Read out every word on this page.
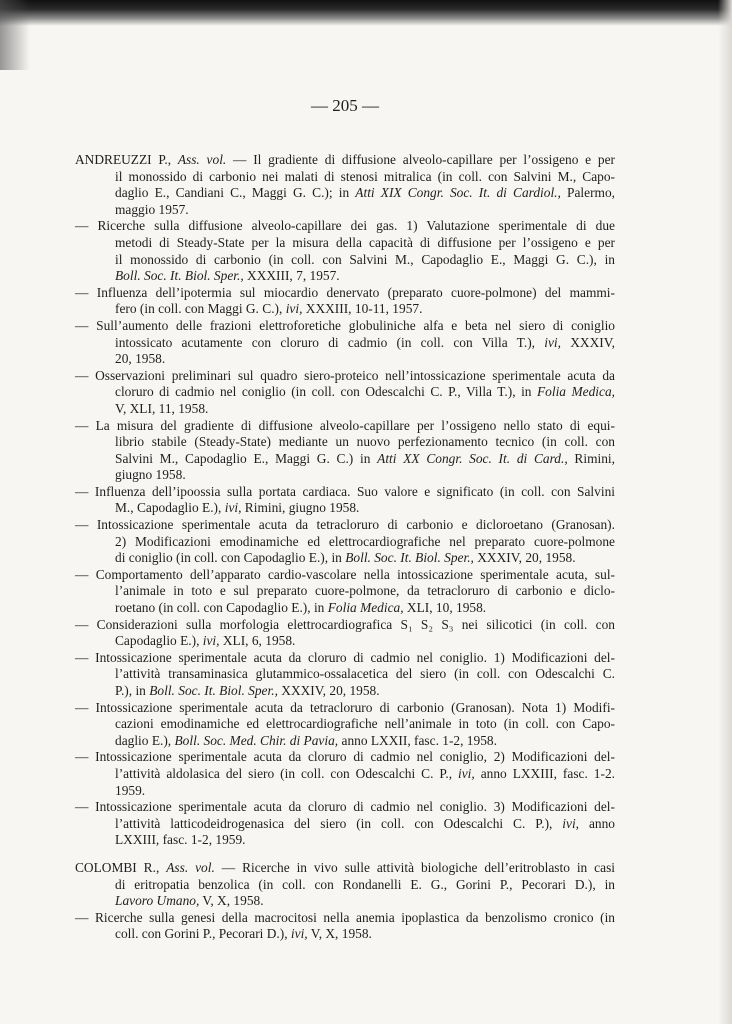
— 205 —
ANDREUZZI P., Ass. vol. — Il gradiente di diffusione alveolo-capillare per l’ossigeno e per
il monossido di carbonio nei malati di stenosi mitralica (in coll. con Salvini M., Capo-
daglio E., Candiani C., Maggi G. C.); in Atti XIX Congr. Soc. It. di Cardiol., Palermo,
maggio 1957.
— Ricerche sulla diffusione alveolo-capillare dei gas. 1) Valutazione sperimentale di due
metodi di Steady-State per la misura della capacità di diffusione per l’ossigeno e per
il monossido di carbonio (in coll. con Salvini M., Capodaglio E., Maggi G. C.), in
Boll. Soc. It. Biol. Sper., XXXIII, 7, 1957.
— Influenza dell’ipotermia sul miocardio denervato (preparato cuore-polmone) del mammi-
fero (in coll. con Maggi G. C.), ivi, XXXIII, 10-11, 1957.
— Sull’aumento delle frazioni elettroforetiche globuliniche alfa e beta nel siero di coniglio
intossicato acutamente con cloruro di cadmio (in coll. con Villa T.), ivi, XXXIV,
20, 1958.
— Osservazioni preliminari sul quadro siero-proteico nell’intossicazione sperimentale acuta da
cloruro di cadmio nel coniglio (in coll. con Odescalchi C. P., Villa T.), in Folia Medica,
V, XLI, 11, 1958.
— La misura del gradiente di diffusione alveolo-capillare per l’ossigeno nello stato di equi-
librio stabile (Steady-State) mediante un nuovo perfezionamento tecnico (in coll. con
Salvini M., Capodaglio E., Maggi G. C.) in Atti XX Congr. Soc. It. di Card., Rimini,
giugno 1958.
— Influenza dell’ipoossia sulla portata cardiaca. Suo valore e significato (in coll. con Salvini
M., Capodaglio E.), ivi, Rimini, giugno 1958.
— Intossicazione sperimentale acuta da tetracloruro di carbonio e dicloroetano (Granosan).
2) Modificazioni emodinamiche ed elettrocardiografiche nel preparato cuore-polmone
di coniglio (in coll. con Capodaglio E.), in Boll. Soc. It. Biol. Sper., XXXIV, 20, 1958.
— Comportamento dell’apparato cardio-vascolare nella intossicazione sperimentale acuta, sul-
l’animale in toto e sul preparato cuore-polmone, da tetracloruro di carbonio e diclo-
roetano (in coll. con Capodaglio E.), in Folia Medica, XLI, 10, 1958.
— Considerazioni sulla morfologia elettrocardiografica S₁ S₂ S₃ nei silicotici (in coll. con
Capodaglio E.), ivi, XLI, 6, 1958.
— Intossicazione sperimentale acuta da cloruro di cadmio nel coniglio. 1) Modificazioni del-
l’attività transaminasica glutammico-ossalacetica del siero (in coll. con Odescalchi C.
P.), in Boll. Soc. It. Biol. Sper., XXXIV, 20, 1958.
— Intossicazione sperimentale acuta da tetracloruro di carbonio (Granosan). Nota 1) Modifi-
cazioni emodinamiche ed elettrocardiografiche nell’animale in toto (in coll. con Capo-
daglio E.), Boll. Soc. Med. Chir. di Pavia, anno LXXII, fasc. 1-2, 1958.
— Intossicazione sperimentale acuta da cloruro di cadmio nel coniglio, 2) Modificazioni del-
l’attività aldolasica del siero (in coll. con Odescalchi C. P., ivi, anno LXXIII, fasc. 1-2.
1959.
— Intossicazione sperimentale acuta da cloruro di cadmio nel coniglio. 3) Modificazioni del-
l’attività latticodeidrogenasica del siero (in coll. con Odescalchi C. P.), ivi, anno
LXXIII, fasc. 1-2, 1959.
COLOMBI R., Ass. vol. — Ricerche in vivo sulle attività biologiche dell’eritroblasto in casi
di eritropatia benzolica (in coll. con Rondanelli E. G., Gorini P., Pecorari D.), in
Lavoro Umano, V, X, 1958.
— Ricerche sulla genesi della macrocitosi nella anemia ipoplastica da benzolismo cronico (in
coll. con Gorini P., Pecorari D.), ivi, V, X, 1958.
